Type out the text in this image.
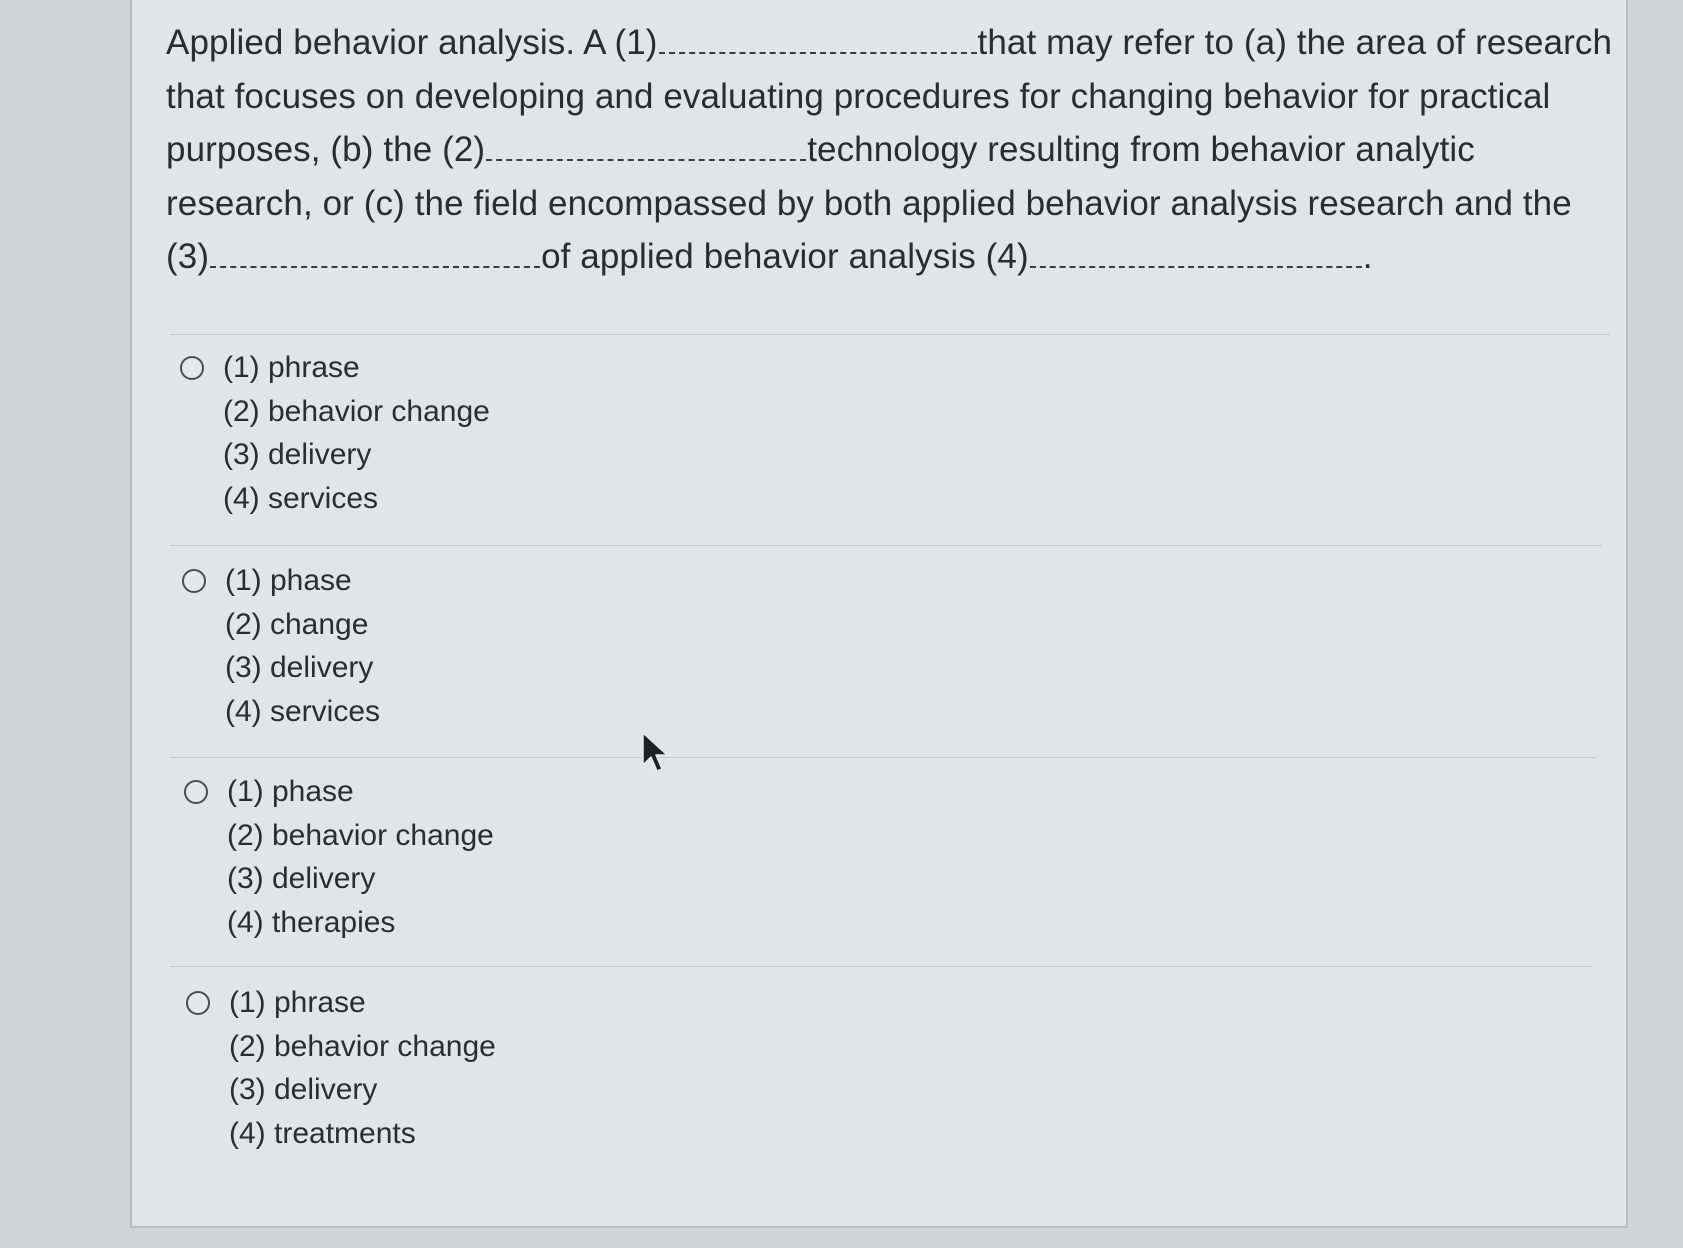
Applied behavior analysis. A (1)	that may refer to (a) the area of research
that focuses on developing and evaluating procedures for changing behavior for practical
purposes, (b) the (2)	technology resulting from behavior analytic
research, or (c) the field encompassed by both applied behavior analysis research and the
(3)	of applied behavior analysis (4)	.
(1) phrase
(2) behavior change
(3) delivery
(4) services
(1) phase
(2) change
(3) delivery
(4) services
(1) phase
(2) behavior change
(3) delivery
(4) therapies
(1) phrase
(2) behavior change
(3) delivery
(4) treatments
